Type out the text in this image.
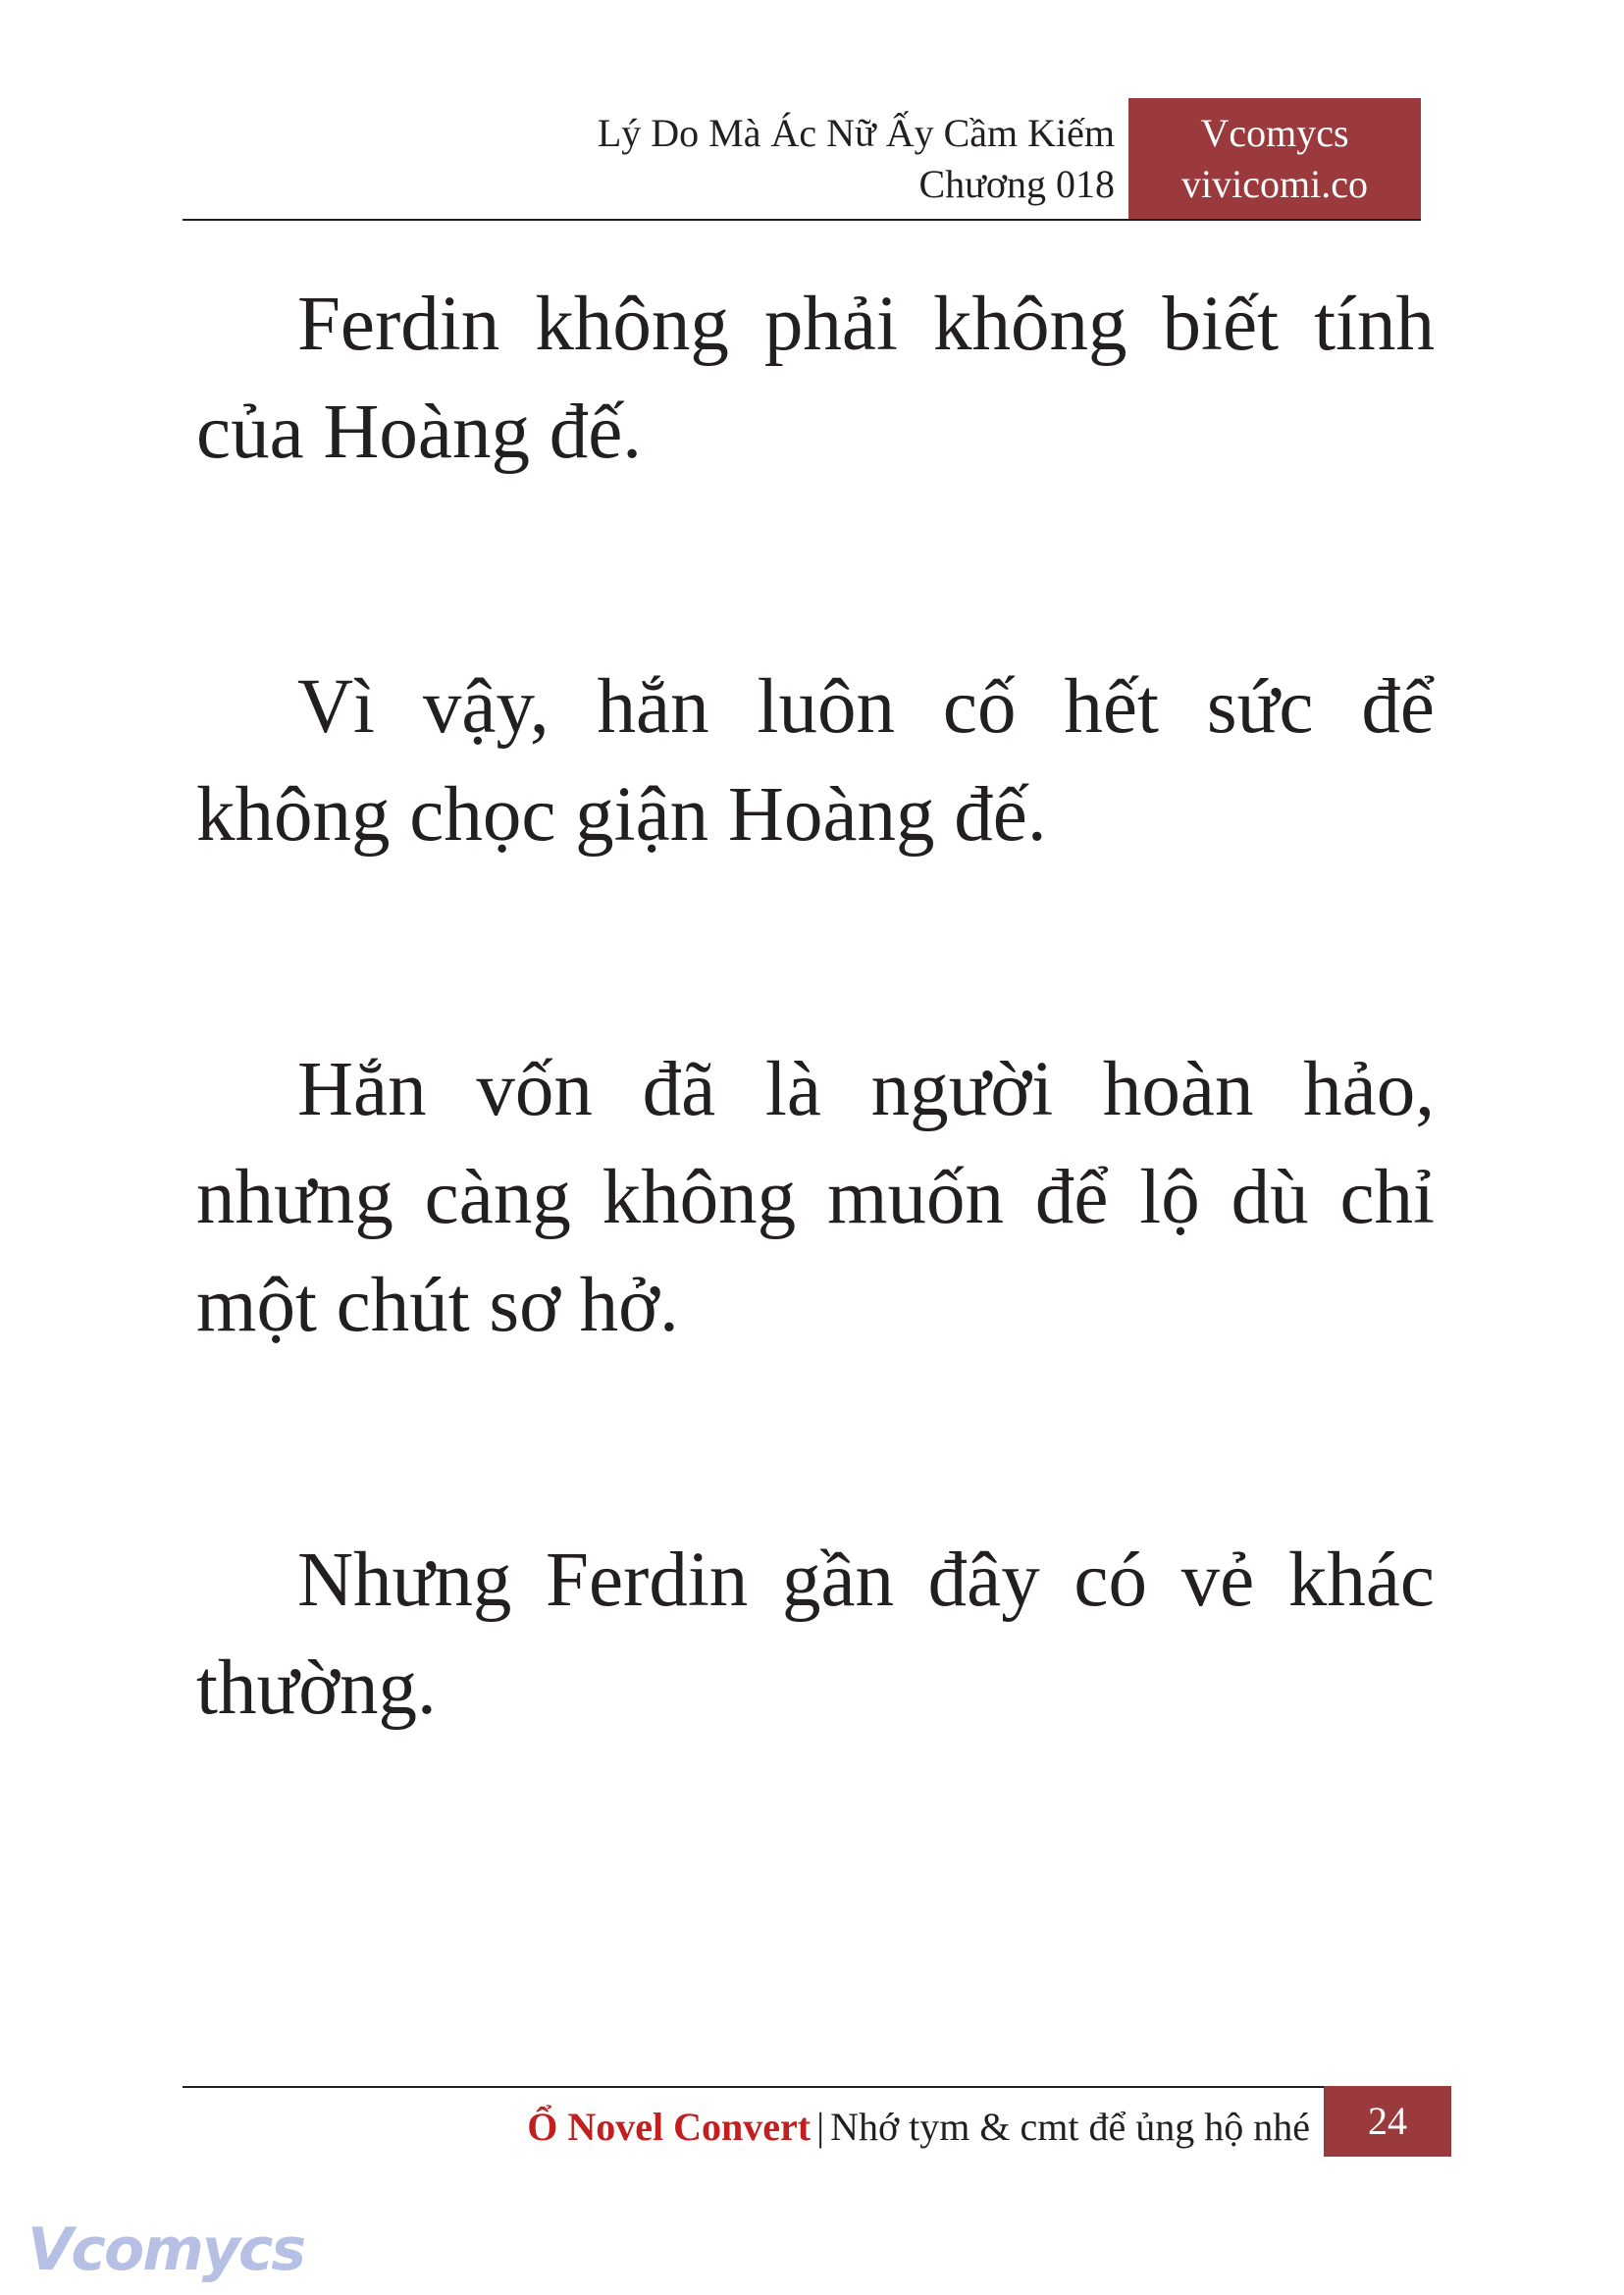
Lý Do Mà Ác Nữ Ấy Cầm Kiếm
Chương 018
Vcomycs
vivicomi.co

Ferdin không phải không biết tính của Hoàng đế.

Vì vậy, hắn luôn cố hết sức để không chọc giận Hoàng đế.

Hắn vốn đã là người hoàn hảo, nhưng càng không muốn để lộ dù chỉ một chút sơ hở.

Nhưng Ferdin gần đây có vẻ khác thường.

Ổ Novel Convert | Nhớ tym & cmt để ủng hộ nhé	24
Vcomycs
